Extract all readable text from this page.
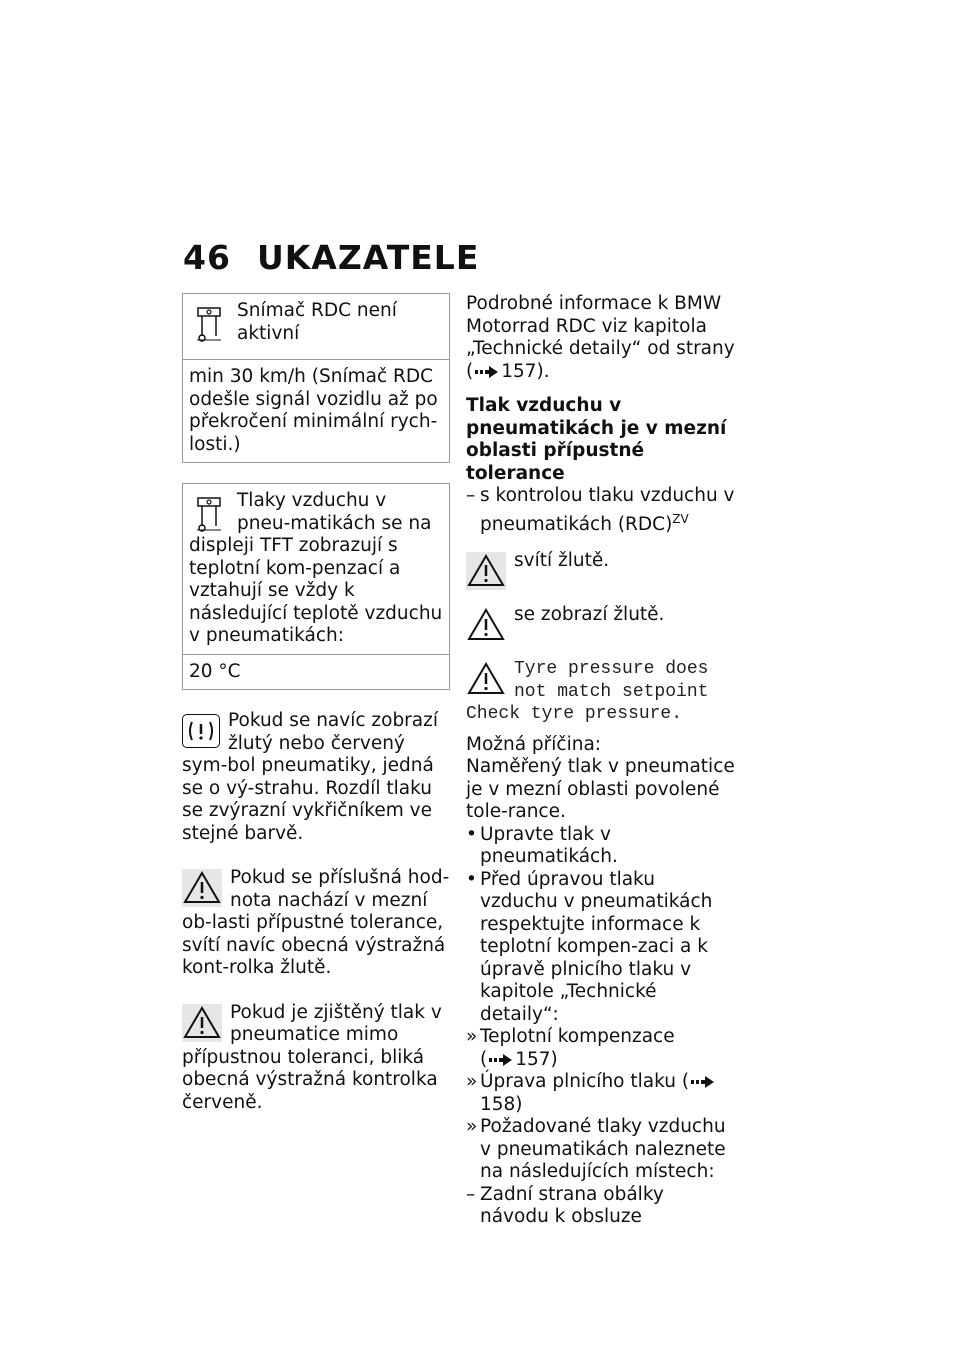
46 UKAZATELE

Snímač RDC není aktivní

min 30 km/h (Snímač RDC odešle signál vozidlu až po překročení minimální rych-losti.)

Tlaky vzduchu v pneu-matikách se na displeji TFT zobrazují s teplotní kom-penzací a vztahují se vždy k následující teplotě vzduchu v pneumatikách:

20 °C

Pokud se navíc zobrazí žlutý nebo červený sym-bol pneumatiky, jedná se o vý-strahu. Rozdíl tlaku se zvýrazní vykřičníkem ve stejné barvě.

Pokud se příslušná hod-nota nachází v mezní ob-lasti přípustné tolerance, svítí navíc obecná výstražná kont-rolka žlutě.

Pokud je zjištěný tlak v pneumatice mimo přípustnou toleranci, bliká obecná výstražná kontrolka červeně.

Podrobné informace k BMW Motorrad RDC viz kapitola „Technické detaily“ od strany ( 157).

Tlak vzduchu v pneumatikách je v mezní oblasti přípustné tolerance

– s kontrolou tlaku vzduchu v pneumatikách (RDC)$^{ZV}$

svítí žlutě.

se zobrazí žlutě.

Tyre pressure does not match setpoint

Check tyre pressure.

Možná příčina:

Naměřený tlak v pneumatice je v mezní oblasti povolené tole-rance.

• Upravte tlak v pneumatikách.
• Před úpravou tlaku vzduchu v pneumatikách respektujte informace k teplotní kompen-zaci a k úpravě plnicího tlaku v kapitole „Technické detaily“:
» Teplotní kompenzace
( 157)
» Úprava plnicího tlaku (158)
» Požadované tlaky vzduchu v pneumatikách naleznete na následujících místech:
– Zadní strana obálky návodu k obsluze
